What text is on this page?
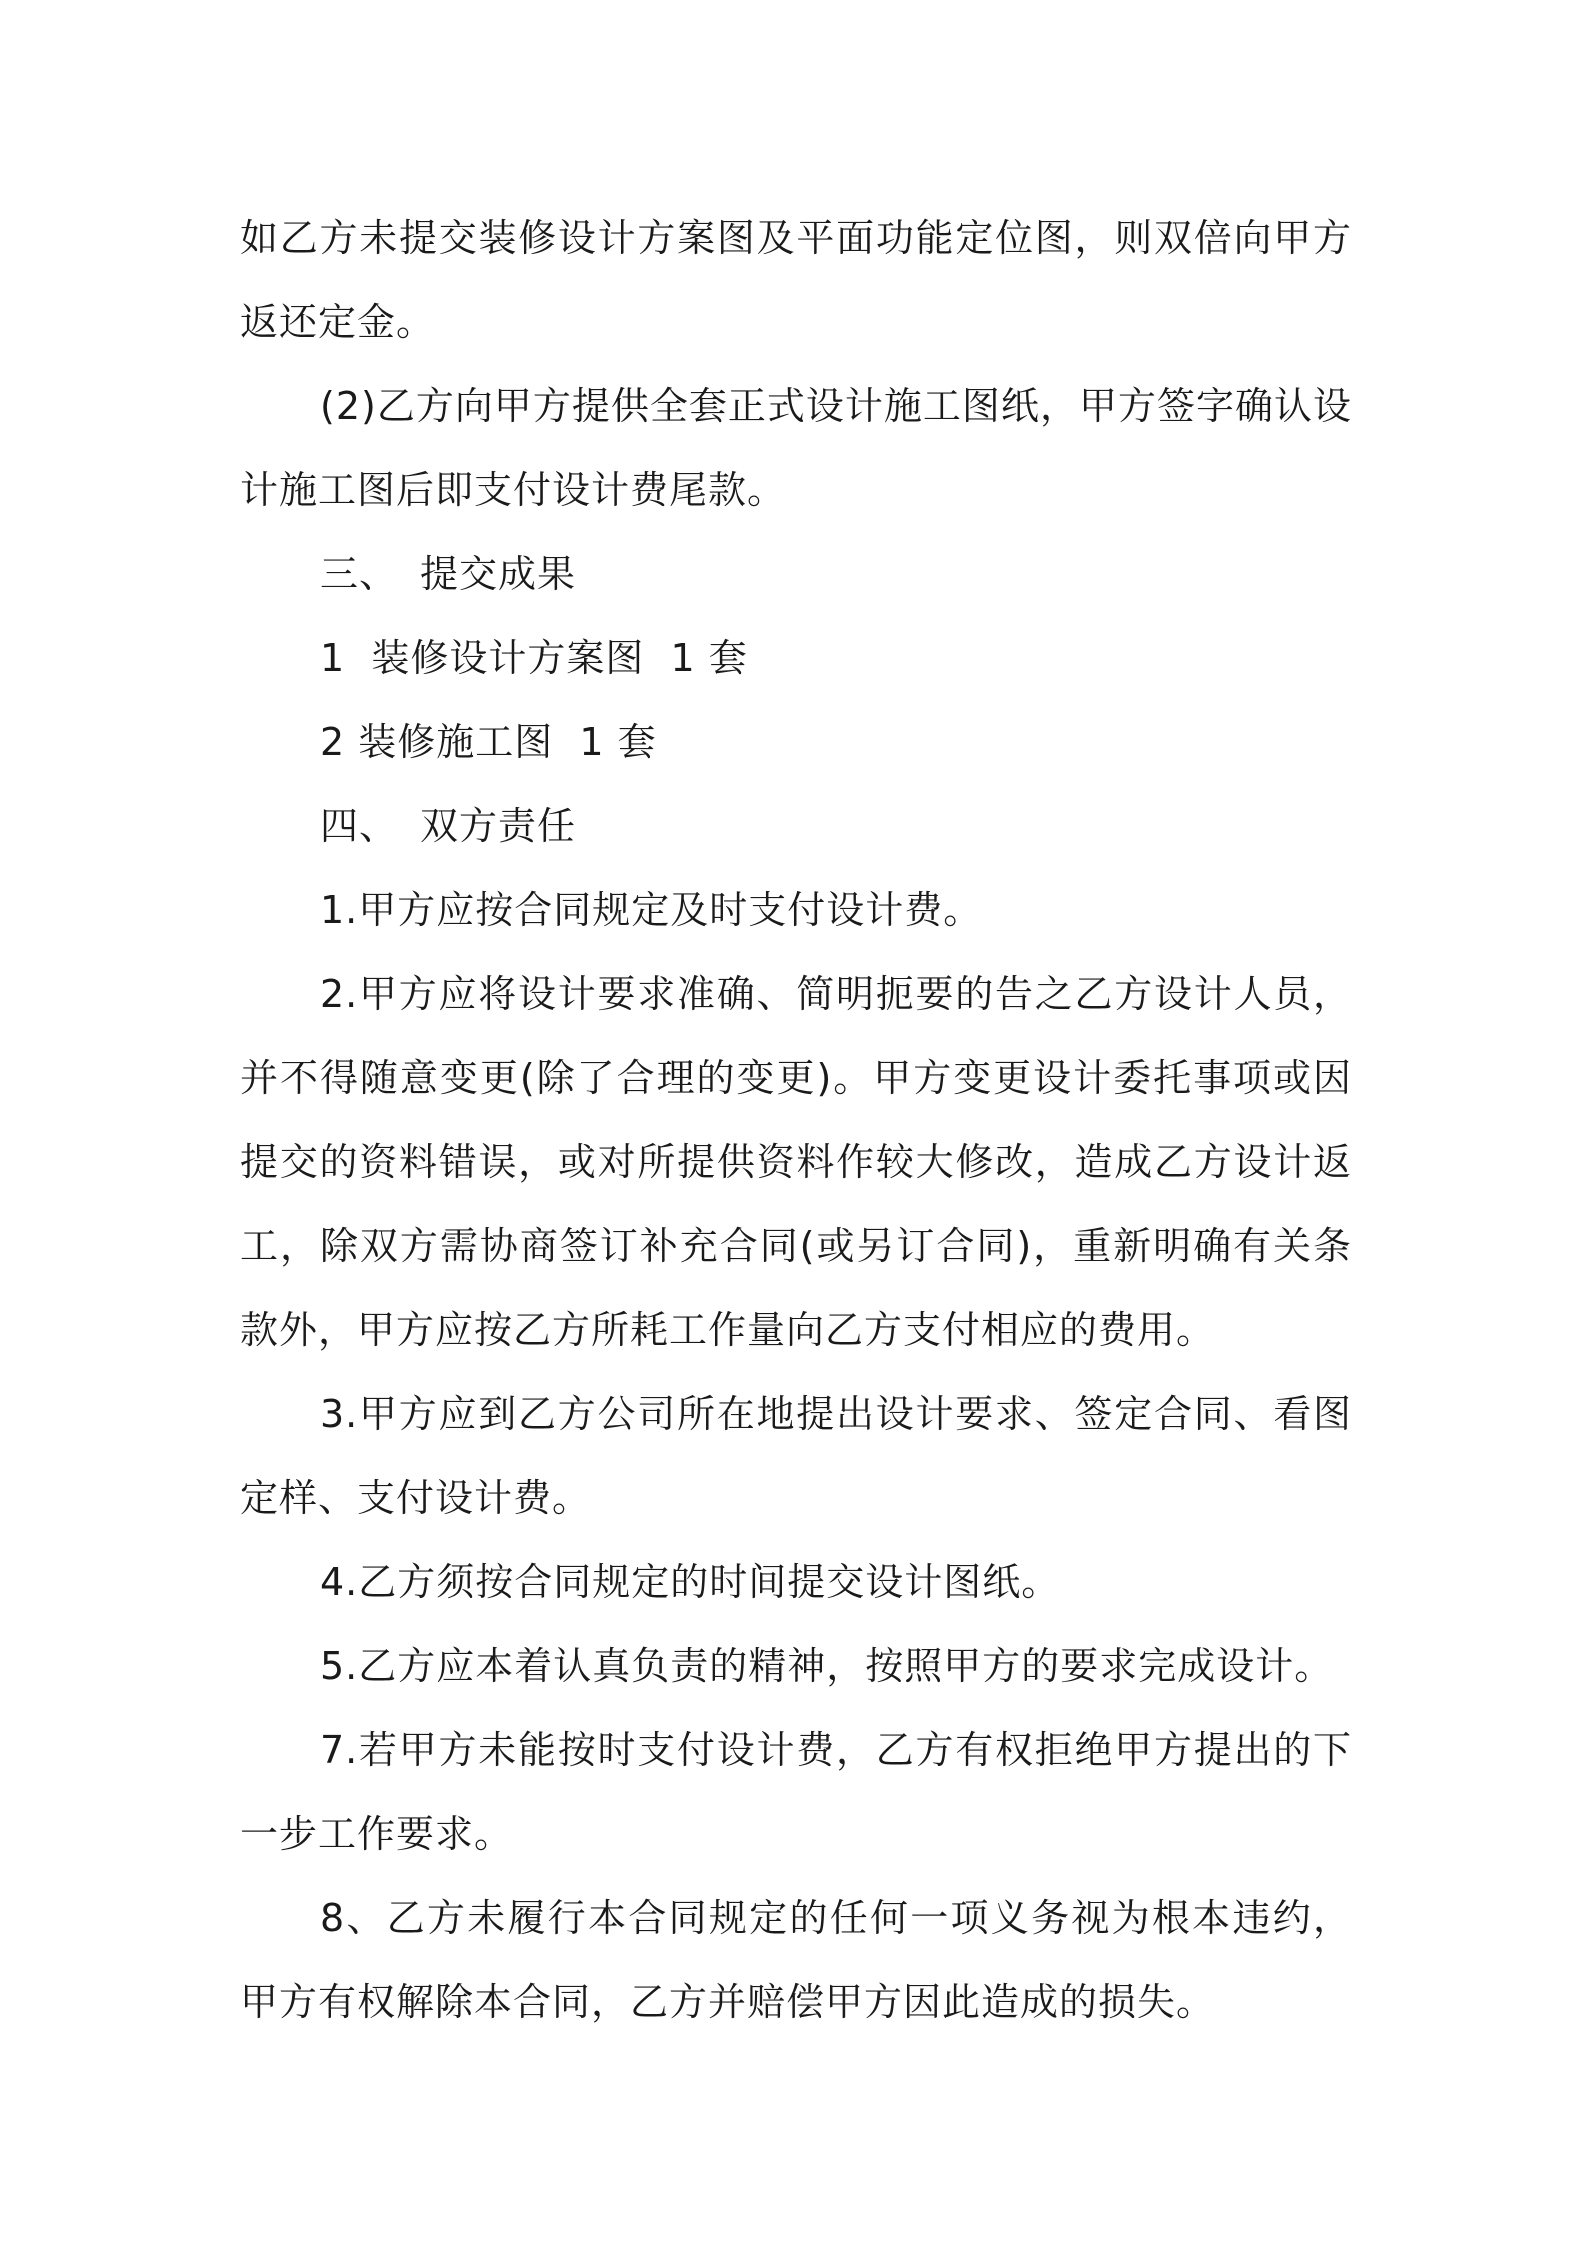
如乙方未提交装修设计方案图及平面功能定位图，则双倍向甲方返还定金。

(2)乙方向甲方提供全套正式设计施工图纸，甲方签字确认设计施工图后即支付设计费尾款。

三、 提交成果

1  装修设计方案图  1 套

2 装修施工图  1 套

四、 双方责任

1.甲方应按合同规定及时支付设计费。

2.甲方应将设计要求准确、简明扼要的告之乙方设计人员，并不得随意变更(除了合理的变更)。甲方变更设计委托事项或因提交的资料错误，或对所提供资料作较大修改，造成乙方设计返工，除双方需协商签订补充合同(或另订合同)，重新明确有关条款外，甲方应按乙方所耗工作量向乙方支付相应的费用。

3.甲方应到乙方公司所在地提出设计要求、签定合同、看图定样、支付设计费。

4.乙方须按合同规定的时间提交设计图纸。

5.乙方应本着认真负责的精神，按照甲方的要求完成设计。

7.若甲方未能按时支付设计费，乙方有权拒绝甲方提出的下一步工作要求。

8、乙方未履行本合同规定的任何一项义务视为根本违约，甲方有权解除本合同，乙方并赔偿甲方因此造成的损失。
